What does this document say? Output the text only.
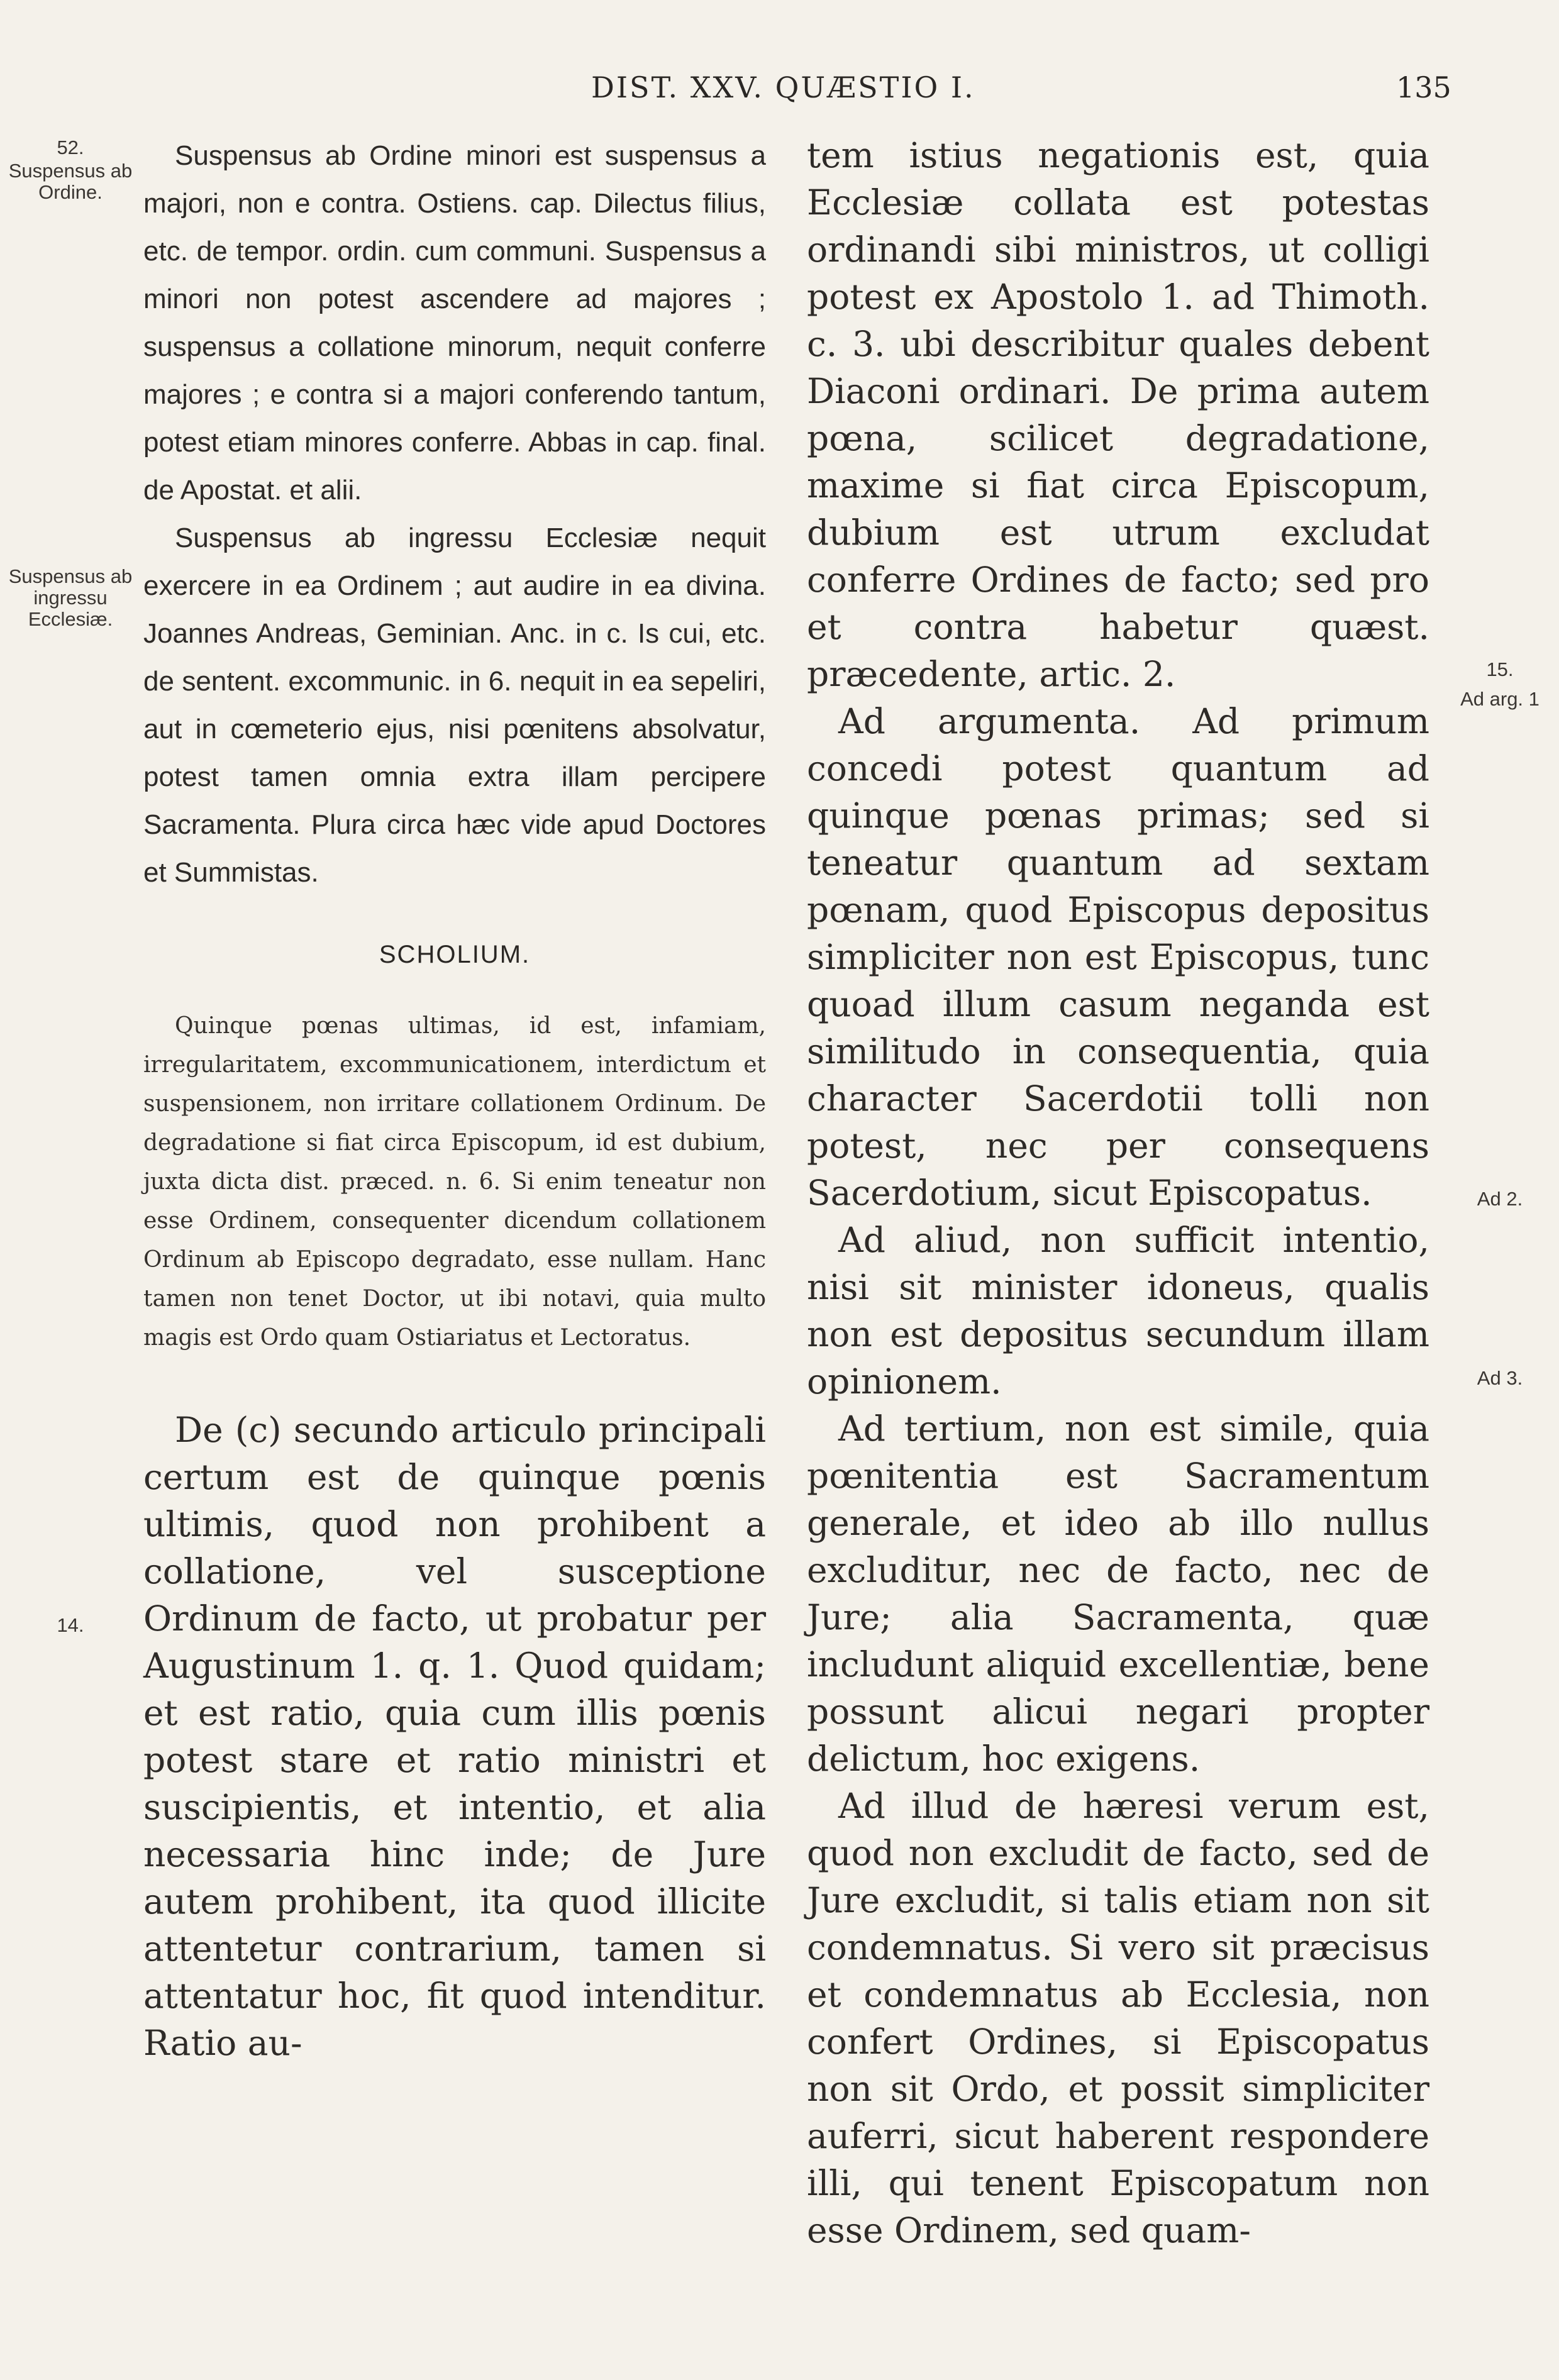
DIST. XXV. QUÆSTIO I.	135
52.
Suspensus ab Ordine.
Suspensus ab ingressu Ecclesiæ.
14.
15.
Ad arg. 1
Ad 2.
Ad 3.

Suspensus ab Ordine minori est suspensus a majori, non e contra. Ostiens. cap. Dilectus filius, etc. de tempor. ordin. cum communi. Suspensus a minori non potest ascendere ad majores ; suspensus a collatione minorum, nequit conferre majores ; e contra si a majori conferendo tantum, potest etiam minores conferre. Abbas in cap. final. de Apostat. et alii.

Suspensus ab ingressu Ecclesiæ nequit exercere in ea Ordinem ; aut audire in ea divina. Joannes Andreas, Geminian. Anc. in c. Is cui, etc. de sentent. excommunic. in 6. nequit in ea sepeliri, aut in cœmeterio ejus, nisi pœnitens absolvatur, potest tamen omnia extra illam percipere Sacramenta. Plura circa hæc vide apud Doctores et Summistas.

SCHOLIUM.

Quinque pœnas ultimas, id est, infamiam, irregularitatem, excommunicationem, interdictum et suspensionem, non irritare collationem Ordinum. De degradatione si fiat circa Episcopum, id est dubium, juxta dicta dist. præced. n. 6. Si enim teneatur non esse Ordinem, consequenter dicendum collationem Ordinum ab Episcopo degradato, esse nullam. Hanc tamen non tenet Doctor, ut ibi notavi, quia multo magis est Ordo quam Ostiariatus et Lectoratus.

De (c) secundo articulo principali certum est de quinque pœnis ultimis, quod non prohibent a collatione, vel susceptione Ordinum de facto, ut probatur per Augustinum 1. q. 1. Quod quidam; et est ratio, quia cum illis pœnis potest stare et ratio ministri et suscipientis, et intentio, et alia necessaria hinc inde; de Jure autem prohibent, ita quod illicite attentetur contrarium, tamen si attentatur hoc, fit quod intenditur. Ratio au-

tem istius negationis est, quia Ecclesiæ collata est potestas ordinandi sibi ministros, ut colligi potest ex Apostolo 1. ad Thimoth. c. 3. ubi describitur quales debent Diaconi ordinari. De prima autem pœna, scilicet degradatione, maxime si fiat circa Episcopum, dubium est utrum excludat conferre Ordines de facto; sed pro et contra habetur quæst. præcedente, artic. 2.

Ad argumenta. Ad primum concedi potest quantum ad quinque pœnas primas; sed si teneatur quantum ad sextam pœnam, quod Episcopus depositus simpliciter non est Episcopus, tunc quoad illum casum neganda est similitudo in consequentia, quia character Sacerdotii tolli non potest, nec per consequens Sacerdotium, sicut Episcopatus.

Ad aliud, non sufficit intentio, nisi sit minister idoneus, qualis non est depositus secundum illam opinionem.

Ad tertium, non est simile, quia pœnitentia est Sacramentum generale, et ideo ab illo nullus excluditur, nec de facto, nec de Jure; alia Sacramenta, quæ includunt aliquid excellentiæ, bene possunt alicui negari propter delictum, hoc exigens.

Ad illud de hæresi verum est, quod non excludit de facto, sed de Jure excludit, si talis etiam non sit condemnatus. Si vero sit præcisus et condemnatus ab Ecclesia, non confert Ordines, si Episcopatus non sit Ordo, et possit simpliciter auferri, sicut haberent respondere illi, qui tenent Episcopatum non esse Ordinem, sed quam-
